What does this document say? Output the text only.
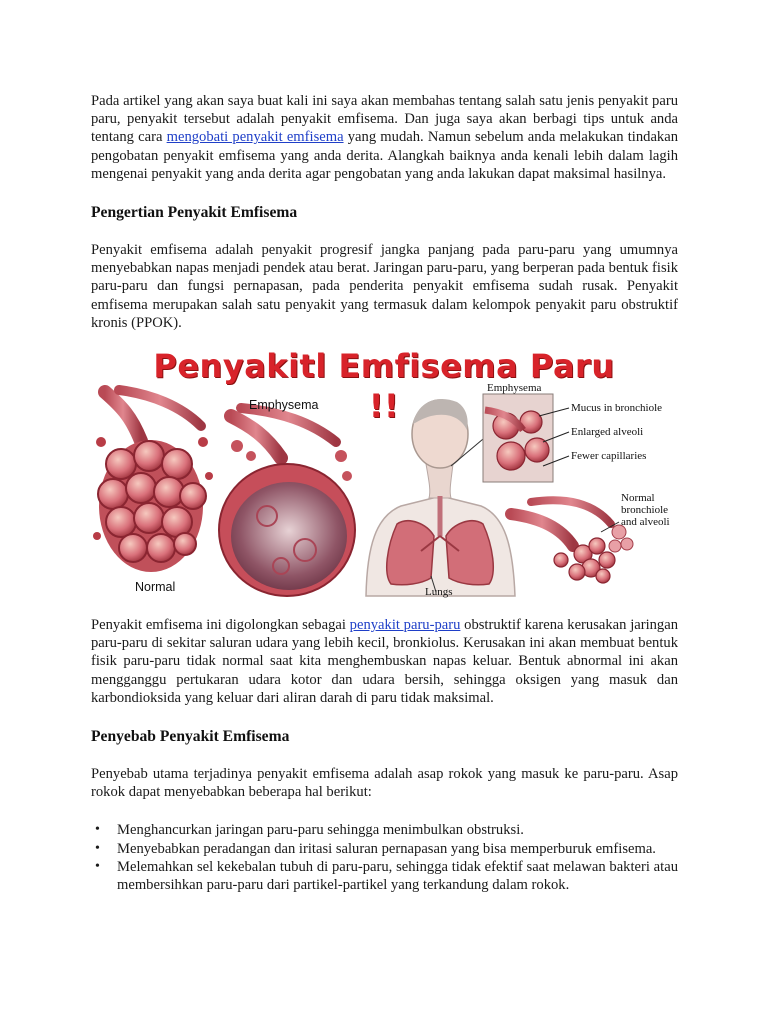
Pada artikel yang akan saya buat kali ini saya akan membahas tentang salah satu jenis penyakit paru paru, penyakit tersebut adalah penyakit emfisema. Dan juga saya akan berbagi tips untuk anda tentang cara mengobati penyakit emfisema yang mudah. Namun sebelum anda melakukan tindakan pengobatan penyakit emfisema yang anda derita. Alangkah baiknya anda kenali lebih dalam lagih mengenai penyakit yang anda derita agar pengobatan yang anda lakukan dapat maksimal hasilnya.

Pengertian Penyakit Emfisema

Penyakit emfisema adalah penyakit progresif jangka panjang pada paru-paru yang umumnya menyebabkan napas menjadi pendek atau berat. Jaringan paru-paru, yang berperan pada bentuk fisik paru-paru dan fungsi pernapasan, pada penderita penyakit emfisema sudah rusak. Penyakit emfisema merupakan salah satu penyakit yang termasuk dalam kelompok penyakit paru obstruktif kronis (PPOK).

Penyakitl Emfisema Paru !!
Emphysema
Normal
Emphysema
Lungs
Mucus in bronchiole
Enlarged alveoli
Fewer capillaries
Normal
bronchiole
and alveoli

Penyakit emfisema ini digolongkan sebagai penyakit paru-paru obstruktif karena kerusakan jaringan paru-paru di sekitar saluran udara yang lebih kecil, bronkiolus. Kerusakan ini akan membuat bentuk fisik paru-paru tidak normal saat kita menghembuskan napas keluar. Bentuk abnormal ini akan mengganggu pertukaran udara kotor dan udara bersih, sehingga oksigen yang masuk dan karbondioksida yang keluar dari aliran darah di paru tidak maksimal.

Penyebab Penyakit Emfisema

Penyebab utama terjadinya penyakit emfisema adalah asap rokok yang masuk ke paru-paru. Asap rokok dapat menyebabkan beberapa hal berikut:

• Menghancurkan jaringan paru-paru sehingga menimbulkan obstruksi.
• Menyebabkan peradangan dan iritasi saluran pernapasan yang bisa memperburuk emfisema.
• Melemahkan sel kekebalan tubuh di paru-paru, sehingga tidak efektif saat melawan bakteri atau membersihkan paru-paru dari partikel-partikel yang terkandung dalam rokok.
